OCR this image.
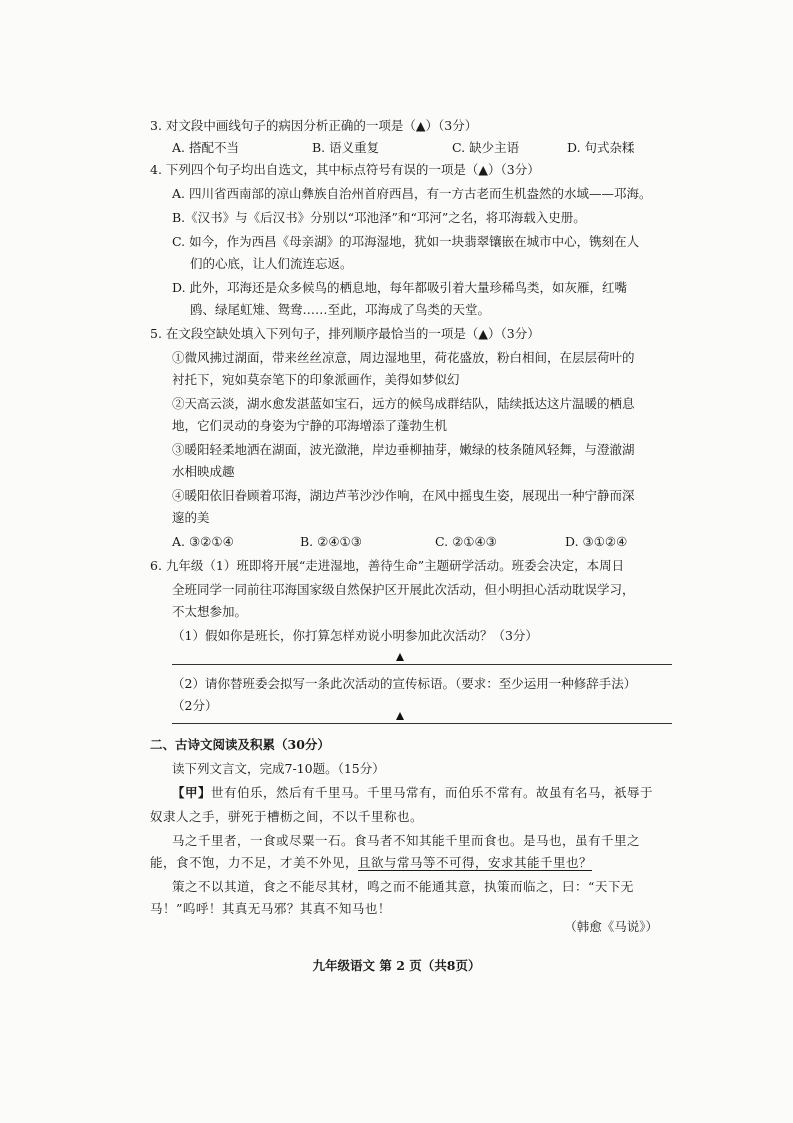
3. 对文段中画线句子的病因分析正确的一项是（▲）（3分）
A. 搭配不当	B. 语义重复	C. 缺少主语	D. 句式杂糅
4. 下列四个句子均出自选文，其中标点符号有误的一项是（▲）（3分）
A. 四川省西南部的凉山彝族自治州首府西昌，有一方古老而生机盎然的水域——邛海。
B.《汉书》与《后汉书》分别以“邛池泽”和“邛河”之名，将邛海载入史册。
C. 如今，作为西昌《母亲湖》的邛海湿地，犹如一块翡翠镶嵌在城市中心，镌刻在人
们的心底，让人们流连忘返。
D. 此外，邛海还是众多候鸟的栖息地，每年都吸引着大量珍稀鸟类，如灰雁，红嘴
鸥、绿尾虹雉、鸳鸯……至此，邛海成了鸟类的天堂。
5. 在文段空缺处填入下列句子，排列顺序最恰当的一项是（▲）（3分）
①微风拂过湖面，带来丝丝凉意，周边湿地里，荷花盛放，粉白相间，在层层荷叶的
衬托下，宛如莫奈笔下的印象派画作，美得如梦似幻
②天高云淡，湖水愈发湛蓝如宝石，远方的候鸟成群结队，陆续抵达这片温暖的栖息
地，它们灵动的身姿为宁静的邛海增添了蓬勃生机
③暖阳轻柔地洒在湖面，波光潋滟，岸边垂柳抽芽，嫩绿的枝条随风轻舞，与澄澈湖
水相映成趣
④暖阳依旧眷顾着邛海，湖边芦苇沙沙作响，在风中摇曳生姿，展现出一种宁静而深
邃的美
A. ③②①④	B. ②④①③	C. ②①④③	D. ③①②④
6. 九年级（1）班即将开展“走进湿地，善待生命”主题研学活动。班委会决定，本周日
全班同学一同前往邛海国家级自然保护区开展此次活动，但小明担心活动耽误学习，
不太想参加。
（1）假如你是班长，你打算怎样劝说小明参加此次活动？（3分）
（2）请你替班委会拟写一条此次活动的宣传标语。（要求：至少运用一种修辞手法）
（2分）
二、古诗文阅读及积累（30分）
读下列文言文，完成7-10题。（15分）
【甲】世有伯乐，然后有千里马。千里马常有，而伯乐不常有。故虽有名马，祇辱于
奴隶人之手，骈死于槽枥之间，不以千里称也。
马之千里者，一食或尽粟一石。食马者不知其能千里而食也。是马也，虽有千里之
能，食不饱，力不足，才美不外见，且欲与常马等不可得，安求其能千里也？
策之不以其道，食之不能尽其材，鸣之而不能通其意，执策而临之，曰：“天下无
马！”呜呼！其真无马邪？其真不知马也！
（韩愈《马说》）
九年级语文 第 2 页（共8页）
